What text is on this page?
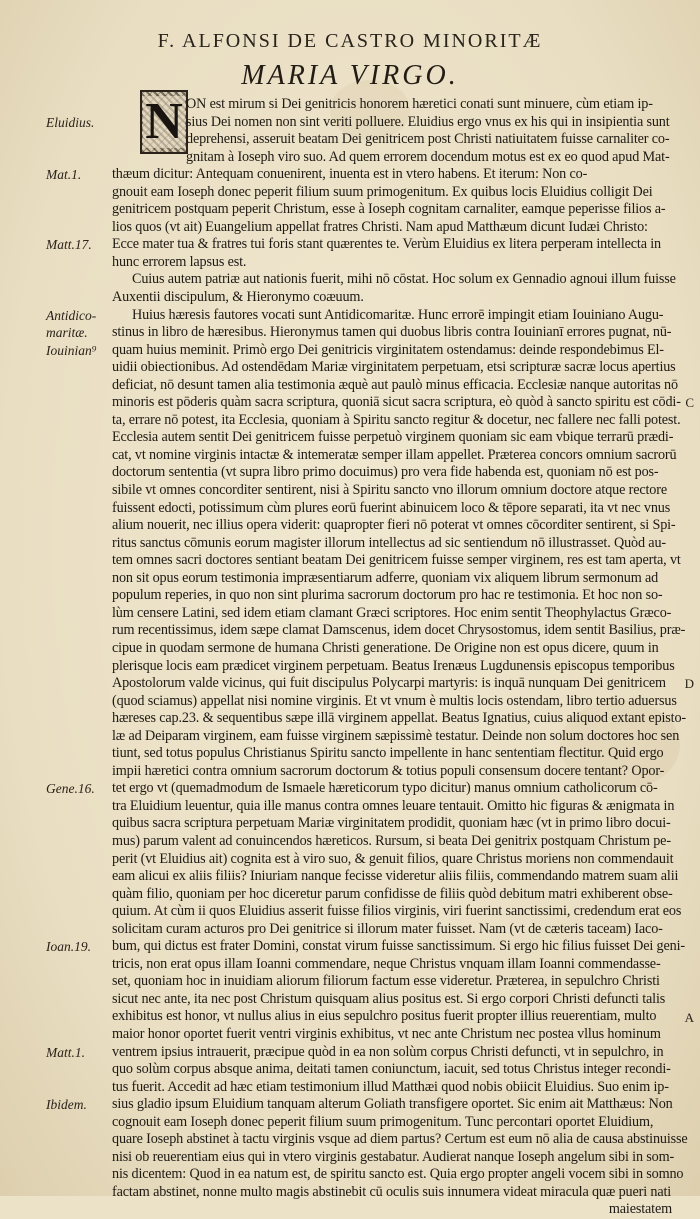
F. ALFONSI DE CASTRO MINORITÆ
MARIA VIRGO.
N ON est mirum si Dei genitricis honorem hæretici conati sunt minuere, cùm etiam ip-
sius Dei nomen non sint veriti polluere. Eluidius ergo vnus ex his qui in insipientia sunt
deprehensi, asseruit beatam Dei genitricem post Christi natiuitatem fuisse carnaliter co-
gnitam à Ioseph viro suo. Ad quem errorem docendum motus est ex eo quod apud Mat-
thæum dicitur: Antequam conuenirent, inuenta est in vtero habens. Et iterum: Non co-
gnouit eam Ioseph donec peperit filium suum primogenitum. Ex quibus locis Eluidius colligit Dei
genitricem postquam peperit Christum, esse à Ioseph cognitam carnaliter, eamque peperisse filios a-
lios quos (vt ait) Euangelium appellat fratres Christi. Nam apud Matthæum dicunt Iudæi Christo:
Ecce mater tua & fratres tui foris stant quærentes te. Verùm Eluidius ex litera perperam intellecta in
hunc errorem lapsus est.
Cuius autem patriæ aut nationis fuerit, mihi nō cōstat. Hoc solum ex Gennadio agnoui illum fuisse
Auxentii discipulum, & Hieronymo coæuum.
Huius hæresis fautores vocati sunt Antidicomaritæ. Hunc errorē impingit etiam Iouiniano Augu-
stinus in libro de hæresibus. Hieronymus tamen qui duobus libris contra Iouinianī errores pugnat, nū-
quam huius meminit. Primò ergo Dei genitricis virginitatem ostendamus: deinde respondebimus El-
uidii obiectionibus. Ad ostendēdam Mariæ virginitatem perpetuam, etsi scripturæ sacræ locus apertius
deficiat, nō desunt tamen alia testimonia æquè aut paulò minus efficacia. Ecclesiæ nanque autoritas nō
minoris est pōderis quàm sacra scriptura, quoniā sicut sacra scriptura, eò quòd à sancto spiritu est cōdi-
ta, errare nō potest, ita Ecclesia, quoniam à Spiritu sancto regitur & docetur, nec fallere nec falli potest.
Ecclesia autem sentit Dei genitricem fuisse perpetuò virginem quoniam sic eam vbique terrarū prædi-
cat, vt nomine virginis intactæ & intemeratæ semper illam appellet. Præterea concors omnium sacrorū
doctorum sententia (vt supra libro primo docuimus) pro vera fide habenda est, quoniam nō est pos-
sibile vt omnes concorditer sentirent, nisi à Spiritu sancto vno illorum omnium doctore atque rectore
fuissent edocti, potissimum cùm plures eorū fuerint abinuicem loco & tēpore separati, ita vt nec vnus
alium nouerit, nec illius opera viderit: quapropter fieri nō poterat vt omnes cōcorditer sentirent, si Spi-
ritus sanctus cōmunis eorum magister illorum intellectus ad sic sentiendum nō illustrasset. Quòd au-
tem omnes sacri doctores sentiant beatam Dei genitricem fuisse semper virginem, res est tam aperta, vt
non sit opus eorum testimonia impræsentiarum adferre, quoniam vix aliquem librum sermonum ad
populum reperies, in quo non sint plurima sacrorum doctorum pro hac re testimonia. Et hoc non so-
lùm censere Latini, sed idem etiam clamant Græci scriptores. Hoc enim sentit Theophylactus Græco-
rum recentissimus, idem sæpe clamat Damscenus, idem docet Chrysostomus, idem sentit Basilius, præ-
cipue in quodam sermone de humana Christi generatione. De Origine non est opus dicere, quum in
plerisque locis eam prædicet virginem perpetuam. Beatus Irenæus Lugdunensis episcopus temporibus
Apostolorum valde vicinus, qui fuit discipulus Polycarpi martyris: is inquā nunquam Dei genitricem
(quod sciamus) appellat nisi nomine virginis. Et vt vnum è multis locis ostendam, libro tertio aduersus
hæreses cap.23. & sequentibus sæpe illā virginem appellat. Beatus Ignatius, cuius aliquod extant episto-
læ ad Deiparam virginem, eam fuisse virginem sæpissimè testatur. Deinde non solum doctores hoc sen
tiunt, sed totus populus Christianus Spiritu sancto impellente in hanc sententiam flectitur. Quid ergo
impii hæretici contra omnium sacrorum doctorum & totius populi consensum docere tentant? Opor-
tet ergo vt (quemadmodum de Ismaele hæreticorum typo dicitur) manus omnium catholicorum cō-
tra Eluidium leuentur, quia ille manus contra omnes leuare tentauit. Omitto hic figuras & ænigmata in
quibus sacra scriptura perpetuam Mariæ virginitatem prodidit, quoniam hæc (vt in primo libro docui-
mus) parum valent ad conuincendos hæreticos. Rursum, si beata Dei genitrix postquam Christum pe-
perit (vt Eluidius ait) cognita est à viro suo, & genuit filios, quare Christus moriens non commendauit
eam alicui ex aliis filiis? Iniuriam nanque fecisse videretur aliis filiis, commendando matrem suam alii
quàm filio, quoniam per hoc diceretur parum confidisse de filiis quòd debitum matri exhiberent obse-
quium. At cùm ii quos Eluidius asserit fuisse filios virginis, viri fuerint sanctissimi, credendum erat eos
solicitam curam acturos pro Dei genitrice si illorum mater fuisset. Nam (vt de cæteris taceam) Iaco-
bum, qui dictus est frater Domini, constat virum fuisse sanctissimum. Si ergo hic filius fuisset Dei geni-
tricis, non erat opus illam Ioanni commendare, neque Christus vnquam illam Ioanni commendasse-
set, quoniam hoc in inuidiam aliorum filiorum factum esse videretur. Præterea, in sepulchro Christi
sicut nec ante, ita nec post Christum quisquam alius positus est. Si ergo corpori Christi defuncti talis
exhibitus est honor, vt nullus alius in eius sepulchro positus fuerit propter illius reuerentiam, multo
maior honor oportet fuerit ventri virginis exhibitus, vt nec ante Christum nec postea vllus hominum
ventrem ipsius intrauerit, præcipue quòd in ea non solùm corpus Christi defuncti, vt in sepulchro, in
quo solùm corpus absque anima, deitati tamen coniunctum, iacuit, sed totus Christus integer recondi-
tus fuerit. Accedit ad hæc etiam testimonium illud Matthæi quod nobis obiicit Eluidius. Suo enim ip-
sius gladio ipsum Eluidium tanquam alterum Goliath transfigere oportet. Sic enim ait Matthæus: Non
cognouit eam Ioseph donec peperit filium suum primogenitum. Tunc percontari oportet Eluidium,
quare Ioseph abstinet à tactu virginis vsque ad diem partus? Certum est eum nō alia de causa abstinuisse
nisi ob reuerentiam eius qui in vtero virginis gestabatur. Audierat nanque Ioseph angelum sibi in som-
nis dicentem: Quod in ea natum est, de spiritu sancto est. Quia ergo propter angeli vocem sibi in somno
factam abstinet, nonne multo magis abstinebit cū oculis suis innumera videat miracula quæ pueri nati
maiestatem
Eluidius.
Mat.1.
Matt.17.
Antidico-
maritæ.
Iouinian⁹
Gene.16.
Ioan.19.
Matt.1.
Ibidem.
C
D
A
